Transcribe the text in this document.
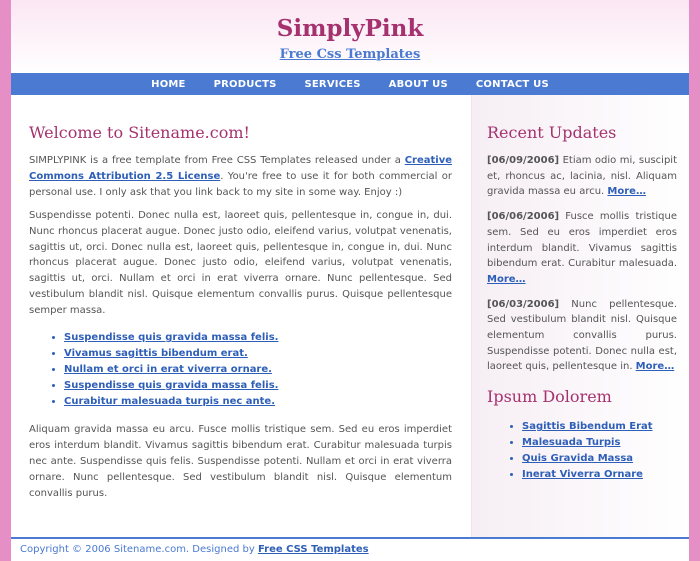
SimplyPink
Free Css Templates
HOME	PRODUCTS	SERVICES	ABOUT US	CONTACT US
Welcome to Sitename.com!

SIMPLYPINK is a free template from Free CSS Templates released under a Creative Commons Attribution 2.5 License. You're free to use it for both commercial or personal use. I only ask that you link back to my site in some way. Enjoy :)

Suspendisse potenti. Donec nulla est, laoreet quis, pellentesque in, congue in, dui. Nunc rhoncus placerat augue. Donec justo odio, eleifend varius, volutpat venenatis, sagittis ut, orci. Donec nulla est, laoreet quis, pellentesque in, congue in, dui. Nunc rhoncus placerat augue. Donec justo odio, eleifend varius, volutpat venenatis, sagittis ut, orci. Nullam et orci in erat viverra ornare. Nunc pellentesque. Sed vestibulum blandit nisl. Quisque elementum convallis purus. Quisque pellentesque semper massa.

• Suspendisse quis gravida massa felis.
• Vivamus sagittis bibendum erat.
• Nullam et orci in erat viverra ornare.
• Suspendisse quis gravida massa felis.
• Curabitur malesuada turpis nec ante.

Aliquam gravida massa eu arcu. Fusce mollis tristique sem. Sed eu eros imperdiet eros interdum blandit. Vivamus sagittis bibendum erat. Curabitur malesuada turpis nec ante. Suspendisse quis felis. Suspendisse potenti. Nullam et orci in erat viverra ornare. Nunc pellentesque. Sed vestibulum blandit nisl. Quisque elementum convallis purus.

Recent Updates

[06/09/2006] Etiam odio mi, suscipit et, rhoncus ac, lacinia, nisl. Aliquam gravida massa eu arcu. More…

[06/06/2006] Fusce mollis tristique sem. Sed eu eros imperdiet eros interdum blandit. Vivamus sagittis bibendum erat. Curabitur malesuada. More…

[06/03/2006] Nunc pellentesque. Sed vestibulum blandit nisl. Quisque elementum convallis purus. Suspendisse potenti. Donec nulla est, laoreet quis, pellentesque in. More…

Ipsum Dolorem
• Sagittis Bibendum Erat
• Malesuada Turpis
• Quis Gravida Massa
• Inerat Viverra Ornare
Copyright © 2006 Sitename.com. Designed by Free CSS Templates
